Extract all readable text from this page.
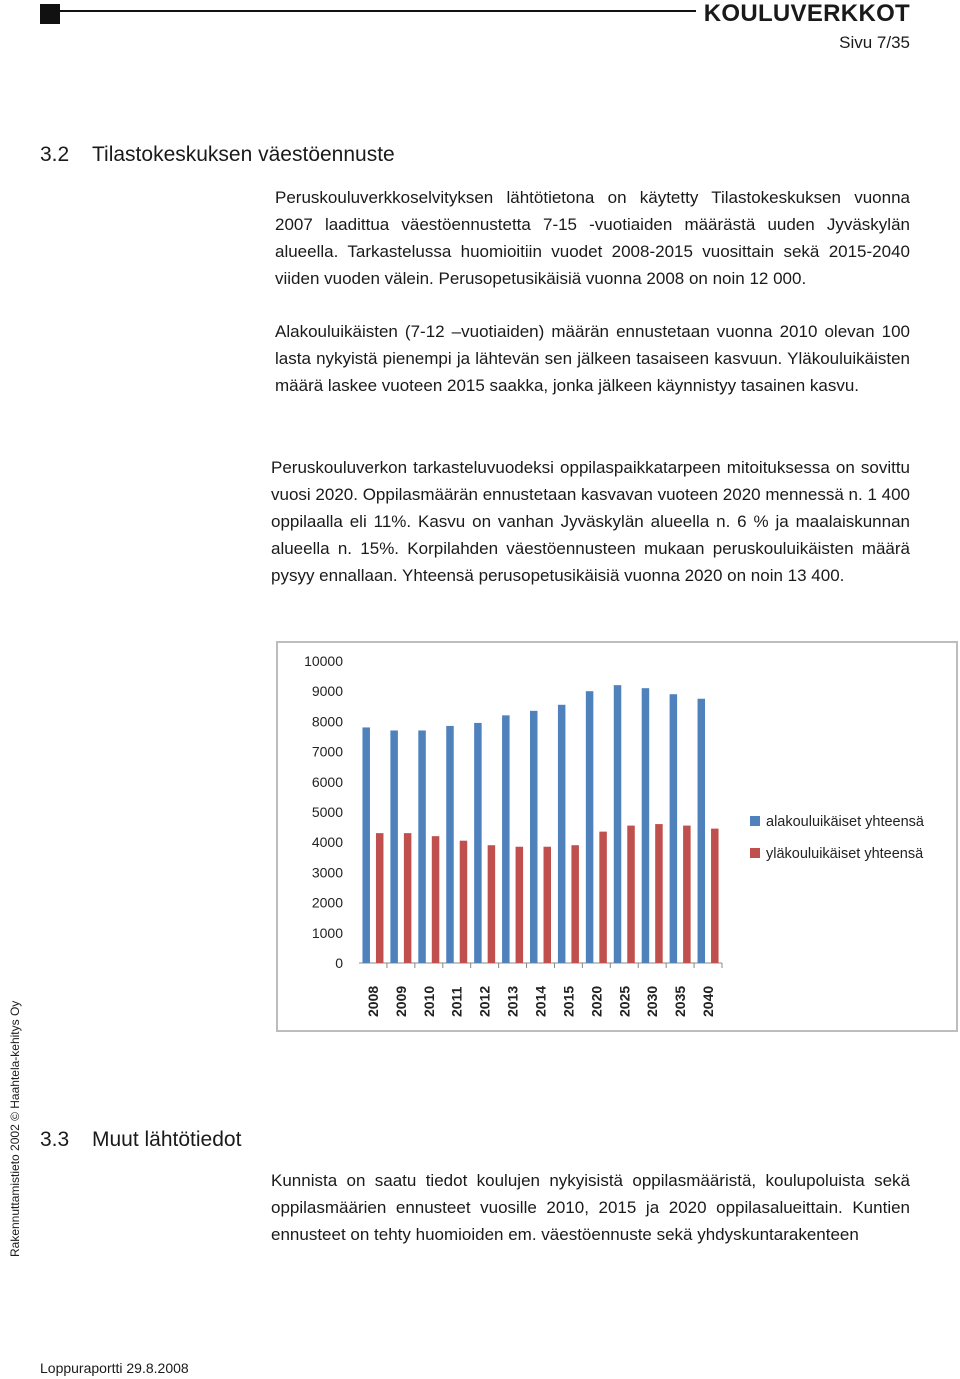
KOULUVERKKOT
Sivu 7/35
3.2 Tilastokeskuksen väestöennuste

Peruskouluverkkoselvityksen lähtötietona on käytetty Tilastokeskuksen vuonna 2007 laadittua väestöennustetta 7-15 -vuotiaiden määrästä uuden Jyväskylän alueella. Tarkastelussa huomioitiin vuodet 2008-2015 vuosittain sekä 2015-2040 viiden vuoden välein. Perusopetusikäisiä vuonna 2008 on noin 12 000.

Alakouluikäisten (7-12 –vuotiaiden) määrän ennustetaan vuonna 2010 olevan 100 lasta nykyistä pienempi ja lähtevän sen jälkeen tasaiseen kasvuun. Yläkouluikäisten määrä laskee vuoteen 2015 saakka, jonka jälkeen käynnistyy tasainen kasvu.

Peruskouluverkon tarkasteluvuodeksi oppilaspaikkatarpeen mitoituksessa on sovittu vuosi 2020. Oppilasmäärän ennustetaan kasvavan vuoteen 2020 mennessä n. 1 400 oppilaalla eli 11%. Kasvu on vanhan Jyväskylän alueella n. 6 % ja maalaiskunnan alueella n. 15%. Korpilahden väestöennusteen mukaan peruskouluikäisten määrä pysyy ennallaan. Yhteensä perusopetusikäisiä vuonna 2020 on noin 13 400.

0
1000
2000
3000
4000
5000
6000
7000
8000
9000
10000
2008 2009 2010 2011 2012 2013 2014 2015 2020 2025 2030 2035 2040
alakouluikäiset yhteensä
yläkouluikäiset yhteensä
3.3 Muut lähtötiedot

Kunnista on saatu tiedot koulujen nykyisistä oppilasmääristä, koulupoluista sekä oppilasmäärien ennusteet vuosille 2010, 2015 ja 2020 oppilasalueittain. Kuntien ennusteet on tehty huomioiden em. väestöennuste sekä yhdyskuntarakenteen

Rakennuttamistieto 2002 © Haahtela-kehitys Oy
Loppuraportti 29.8.2008
